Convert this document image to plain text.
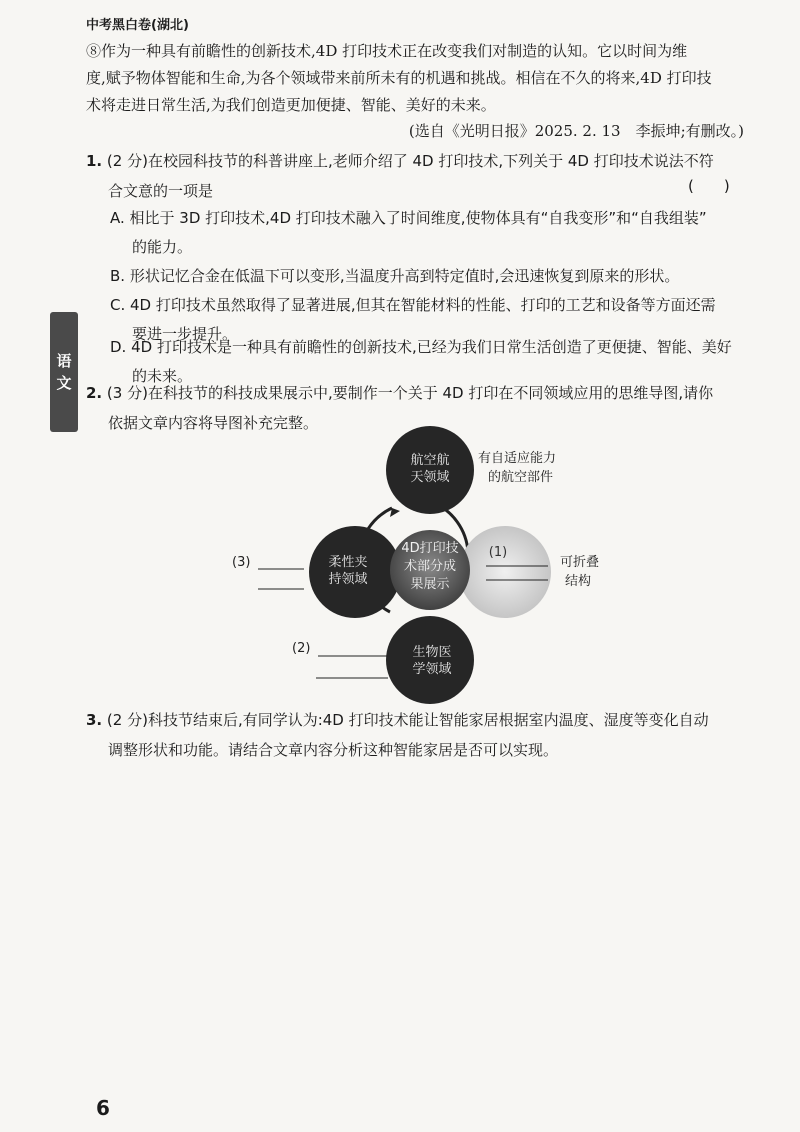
中考黑白卷(湖北)
⑧作为一种具有前瞻性的创新技术,4D 打印技术正在改变我们对制造的认知。它以时间为维
度,赋予物体智能和生命,为各个领域带来前所未有的机遇和挑战。相信在不久的将来,4D 打印技
术将走进日常生活,为我们创造更加便捷、智能、美好的未来。
(选自《光明日报》2025. 2. 13　李振坤;有删改。)
1. (2 分)在校园科技节的科普讲座上,老师介绍了 4D 打印技术,下列关于 4D 打印技术说法不符
合文意的一项是	(　　)
A. 相比于 3D 打印技术,4D 打印技术融入了时间维度,使物体具有“自我变形”和“自我组装”
的能力。
B. 形状记忆合金在低温下可以变形,当温度升高到特定值时,会迅速恢复到原来的形状。
C. 4D 打印技术虽然取得了显著进展,但其在智能材料的性能、打印的工艺和设备等方面还需
要进一步提升。
D. 4D 打印技术是一种具有前瞻性的创新技术,已经为我们日常生活创造了更便捷、智能、美好
的未来。
2. (3 分)在科技节的科技成果展示中,要制作一个关于 4D 打印在不同领域应用的思维导图,请你
依据文章内容将导图补充完整。
航空航
天领域
柔性夹
持领域
(1)
生物医
学领域
4D打印技
术部分成
果展示
有自适应能力
的航空部件
可折叠
结构
(3)
(2)
3. (2 分)科技节结束后,有同学认为:4D 打印技术能让智能家居根据室内温度、湿度等变化自动
调整形状和功能。请结合文章内容分析这种智能家居是否可以实现。
语
文
6
